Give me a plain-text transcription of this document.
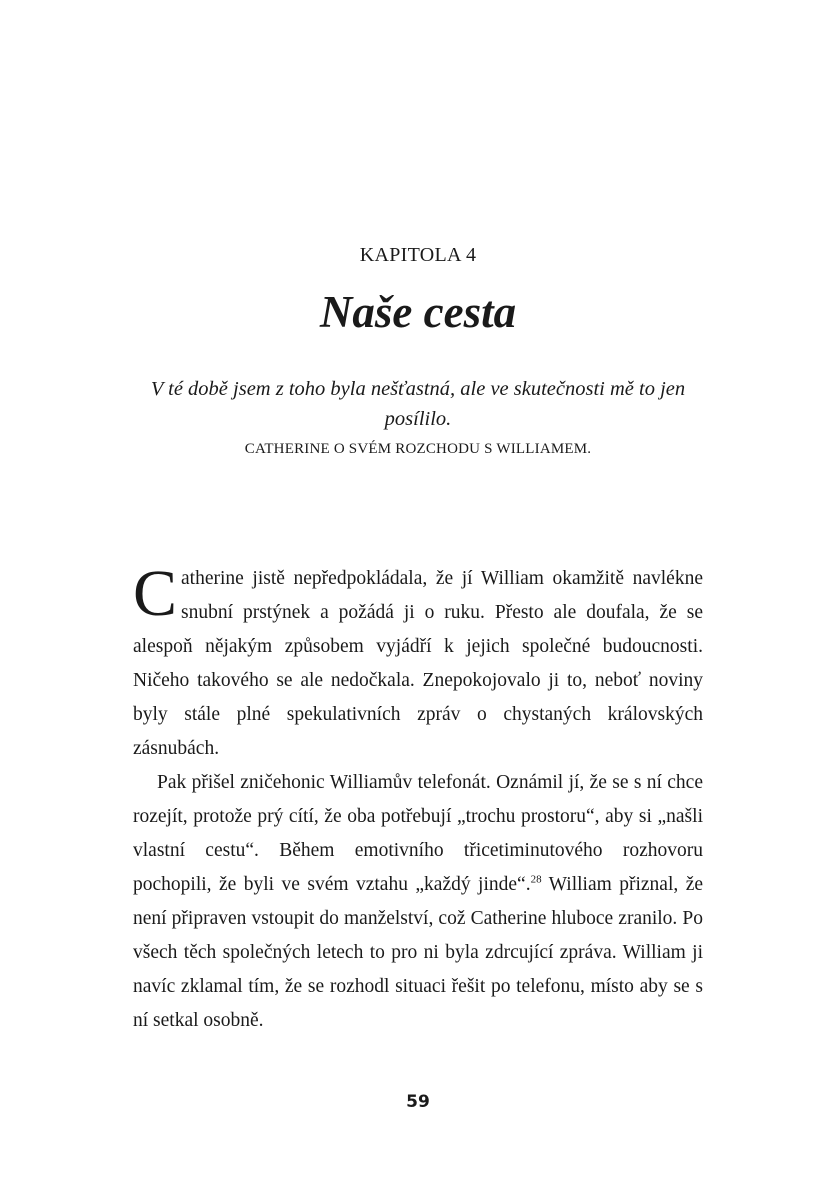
KAPITOLA 4
Naše cesta
V té době jsem z toho byla nešťastná, ale ve skutečnosti mě to jen posílilo.
CATHERINE O SVÉM ROZCHODU S WILLIAMEM.

Catherine jistě nepředpokládala, že jí William okamžitě navlékne snubní prstýnek a požádá ji o ruku. Přesto ale doufala, že se alespoň nějakým způsobem vyjádří k jejich společné budoucnosti. Ničeho takového se ale nedočkala. Znepokojovalo ji to, neboť noviny byly stále plné spekulativních zpráv o chystaných královských zásnubách.

Pak přišel zničehonic Williamův telefonát. Oznámil jí, že se s ní chce rozejít, protože prý cítí, že oba potřebují „trochu prostoru“, aby si „našli vlastní cestu“. Během emotivního třicetiminutového rozhovoru pochopili, že byli ve svém vztahu „každý jinde“.$^{28}$ William přiznal, že není připraven vstoupit do manželství, což Catherine hluboce zranilo. Po všech těch společných letech to pro ni byla zdrcující zpráva. William ji navíc zklamal tím, že se rozhodl situaci řešit po telefonu, místo aby se s ní setkal osobně.

59
